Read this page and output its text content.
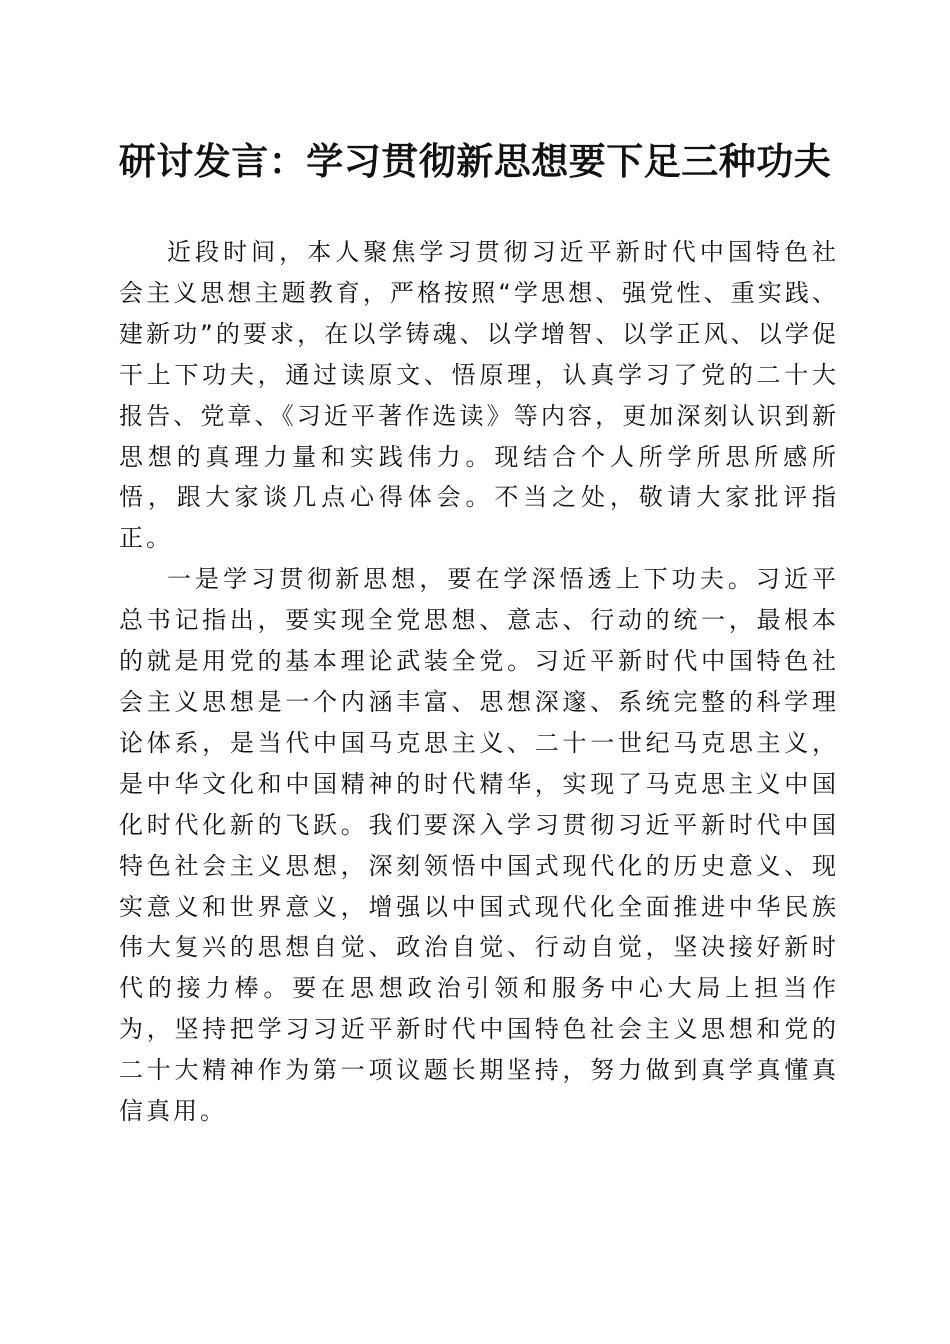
研讨发言：学习贯彻新思想要下足三种功夫

近段时间，本人聚焦学习贯彻习近平新时代中国特色社会主义思想主题教育，严格按照“学思想、强党性、重实践、建新功”的要求，在以学铸魂、以学增智、以学正风、以学促干上下功夫，通过读原文、悟原理，认真学习了党的二十大报告、党章、《习近平著作选读》等内容，更加深刻认识到新思想的真理力量和实践伟力。现结合个人所学所思所感所悟，跟大家谈几点心得体会。不当之处，敬请大家批评指正。

一是学习贯彻新思想，要在学深悟透上下功夫。习近平总书记指出，要实现全党思想、意志、行动的统一，最根本的就是用党的基本理论武装全党。习近平新时代中国特色社会主义思想是一个内涵丰富、思想深邃、系统完整的科学理论体系，是当代中国马克思主义、二十一世纪马克思主义，是中华文化和中国精神的时代精华，实现了马克思主义中国化时代化新的飞跃。我们要深入学习贯彻习近平新时代中国特色社会主义思想，深刻领悟中国式现代化的历史意义、现实意义和世界意义，增强以中国式现代化全面推进中华民族伟大复兴的思想自觉、政治自觉、行动自觉，坚决接好新时代的接力棒。要在思想政治引领和服务中心大局上担当作为，坚持把学习习近平新时代中国特色社会主义思想和党的二十大精神作为第一项议题长期坚持，努力做到真学真懂真信真用。
